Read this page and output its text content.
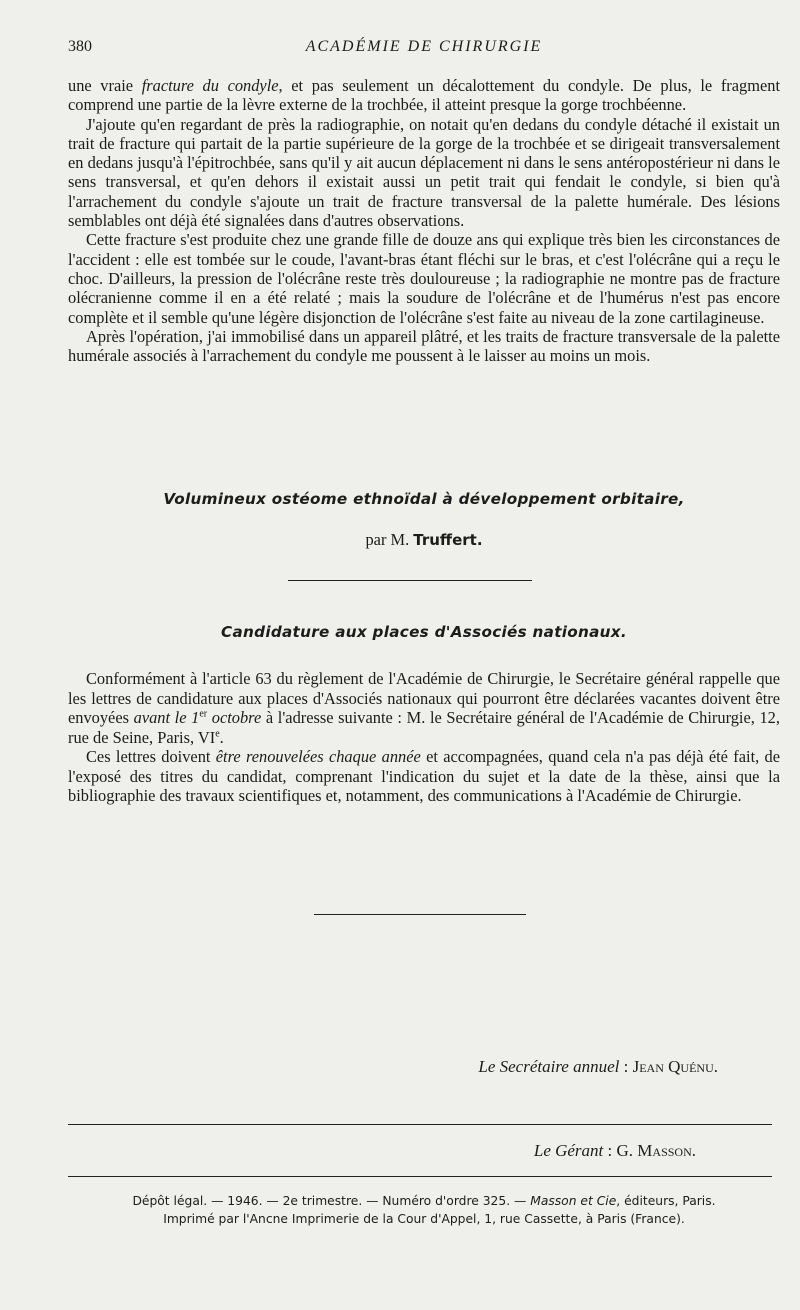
380	ACADÉMIE DE CHIRURGIE

une vraie fracture du condyle, et pas seulement un décalottement du condyle. De plus, le fragment comprend une partie de la lèvre externe de la trochbée, il atteint presque la gorge trochbéenne.

J'ajoute qu'en regardant de près la radiographie, on notait qu'en dedans du condyle détaché il existait un trait de fracture qui partait de la partie supérieure de la gorge de la trochbée et se dirigeait transversalement en dedans jusqu'à l'épitrochbée, sans qu'il y ait aucun déplacement ni dans le sens antéropostérieur ni dans le sens transversal, et qu'en dehors il existait aussi un petit trait qui fendait le condyle, si bien qu'à l'arrachement du condyle s'ajoute un trait de fracture transversal de la palette humérale. Des lésions semblables ont déjà été signalées dans d'autres observations.

Cette fracture s'est produite chez une grande fille de douze ans qui explique très bien les circonstances de l'accident : elle est tombée sur le coude, l'avant-bras étant fléchi sur le bras, et c'est l'olécrâne qui a reçu le choc. D'ailleurs, la pression de l'olécrâne reste très douloureuse ; la radiographie ne montre pas de fracture olécranienne comme il en a été relaté ; mais la soudure de l'olécrâne et de l'humérus n'est pas encore complète et il semble qu'une légère disjonction de l'olécrâne s'est faite au niveau de la zone cartilagineuse.

Après l'opération, j'ai immobilisé dans un appareil plâtré, et les traits de fracture transversale de la palette humérale associés à l'arrachement du condyle me poussent à le laisser au moins un mois.

Volumineux ostéome ethnoïdal à développement orbitaire,
par M. Truffert.
Candidature aux places d'Associés nationaux.

Conformément à l'article 63 du règlement de l'Académie de Chirurgie, le Secrétaire général rappelle que les lettres de candidature aux places d'Associés nationaux qui pourront être déclarées vacantes doivent être envoyées avant le 1er octobre à l'adresse suivante : M. le Secrétaire général de l'Académie de Chirurgie, 12, rue de Seine, Paris, VIe.

Ces lettres doivent être renouvelées chaque année et accompagnées, quand cela n'a pas déjà été fait, de l'exposé des titres du candidat, comprenant l'indication du sujet et la date de la thèse, ainsi que la bibliographie des travaux scientifiques et, notamment, des communications à l'Académie de Chirurgie.

Le Secrétaire annuel : Jean Quénu.
Le Gérant : G. Masson.
Dépôt légal. — 1946. — 2e trimestre. — Numéro d'ordre 325. — Masson et Cie, éditeurs, Paris.
Imprimé par l'Ancne Imprimerie de la Cour d'Appel, 1, rue Cassette, à Paris (France).
